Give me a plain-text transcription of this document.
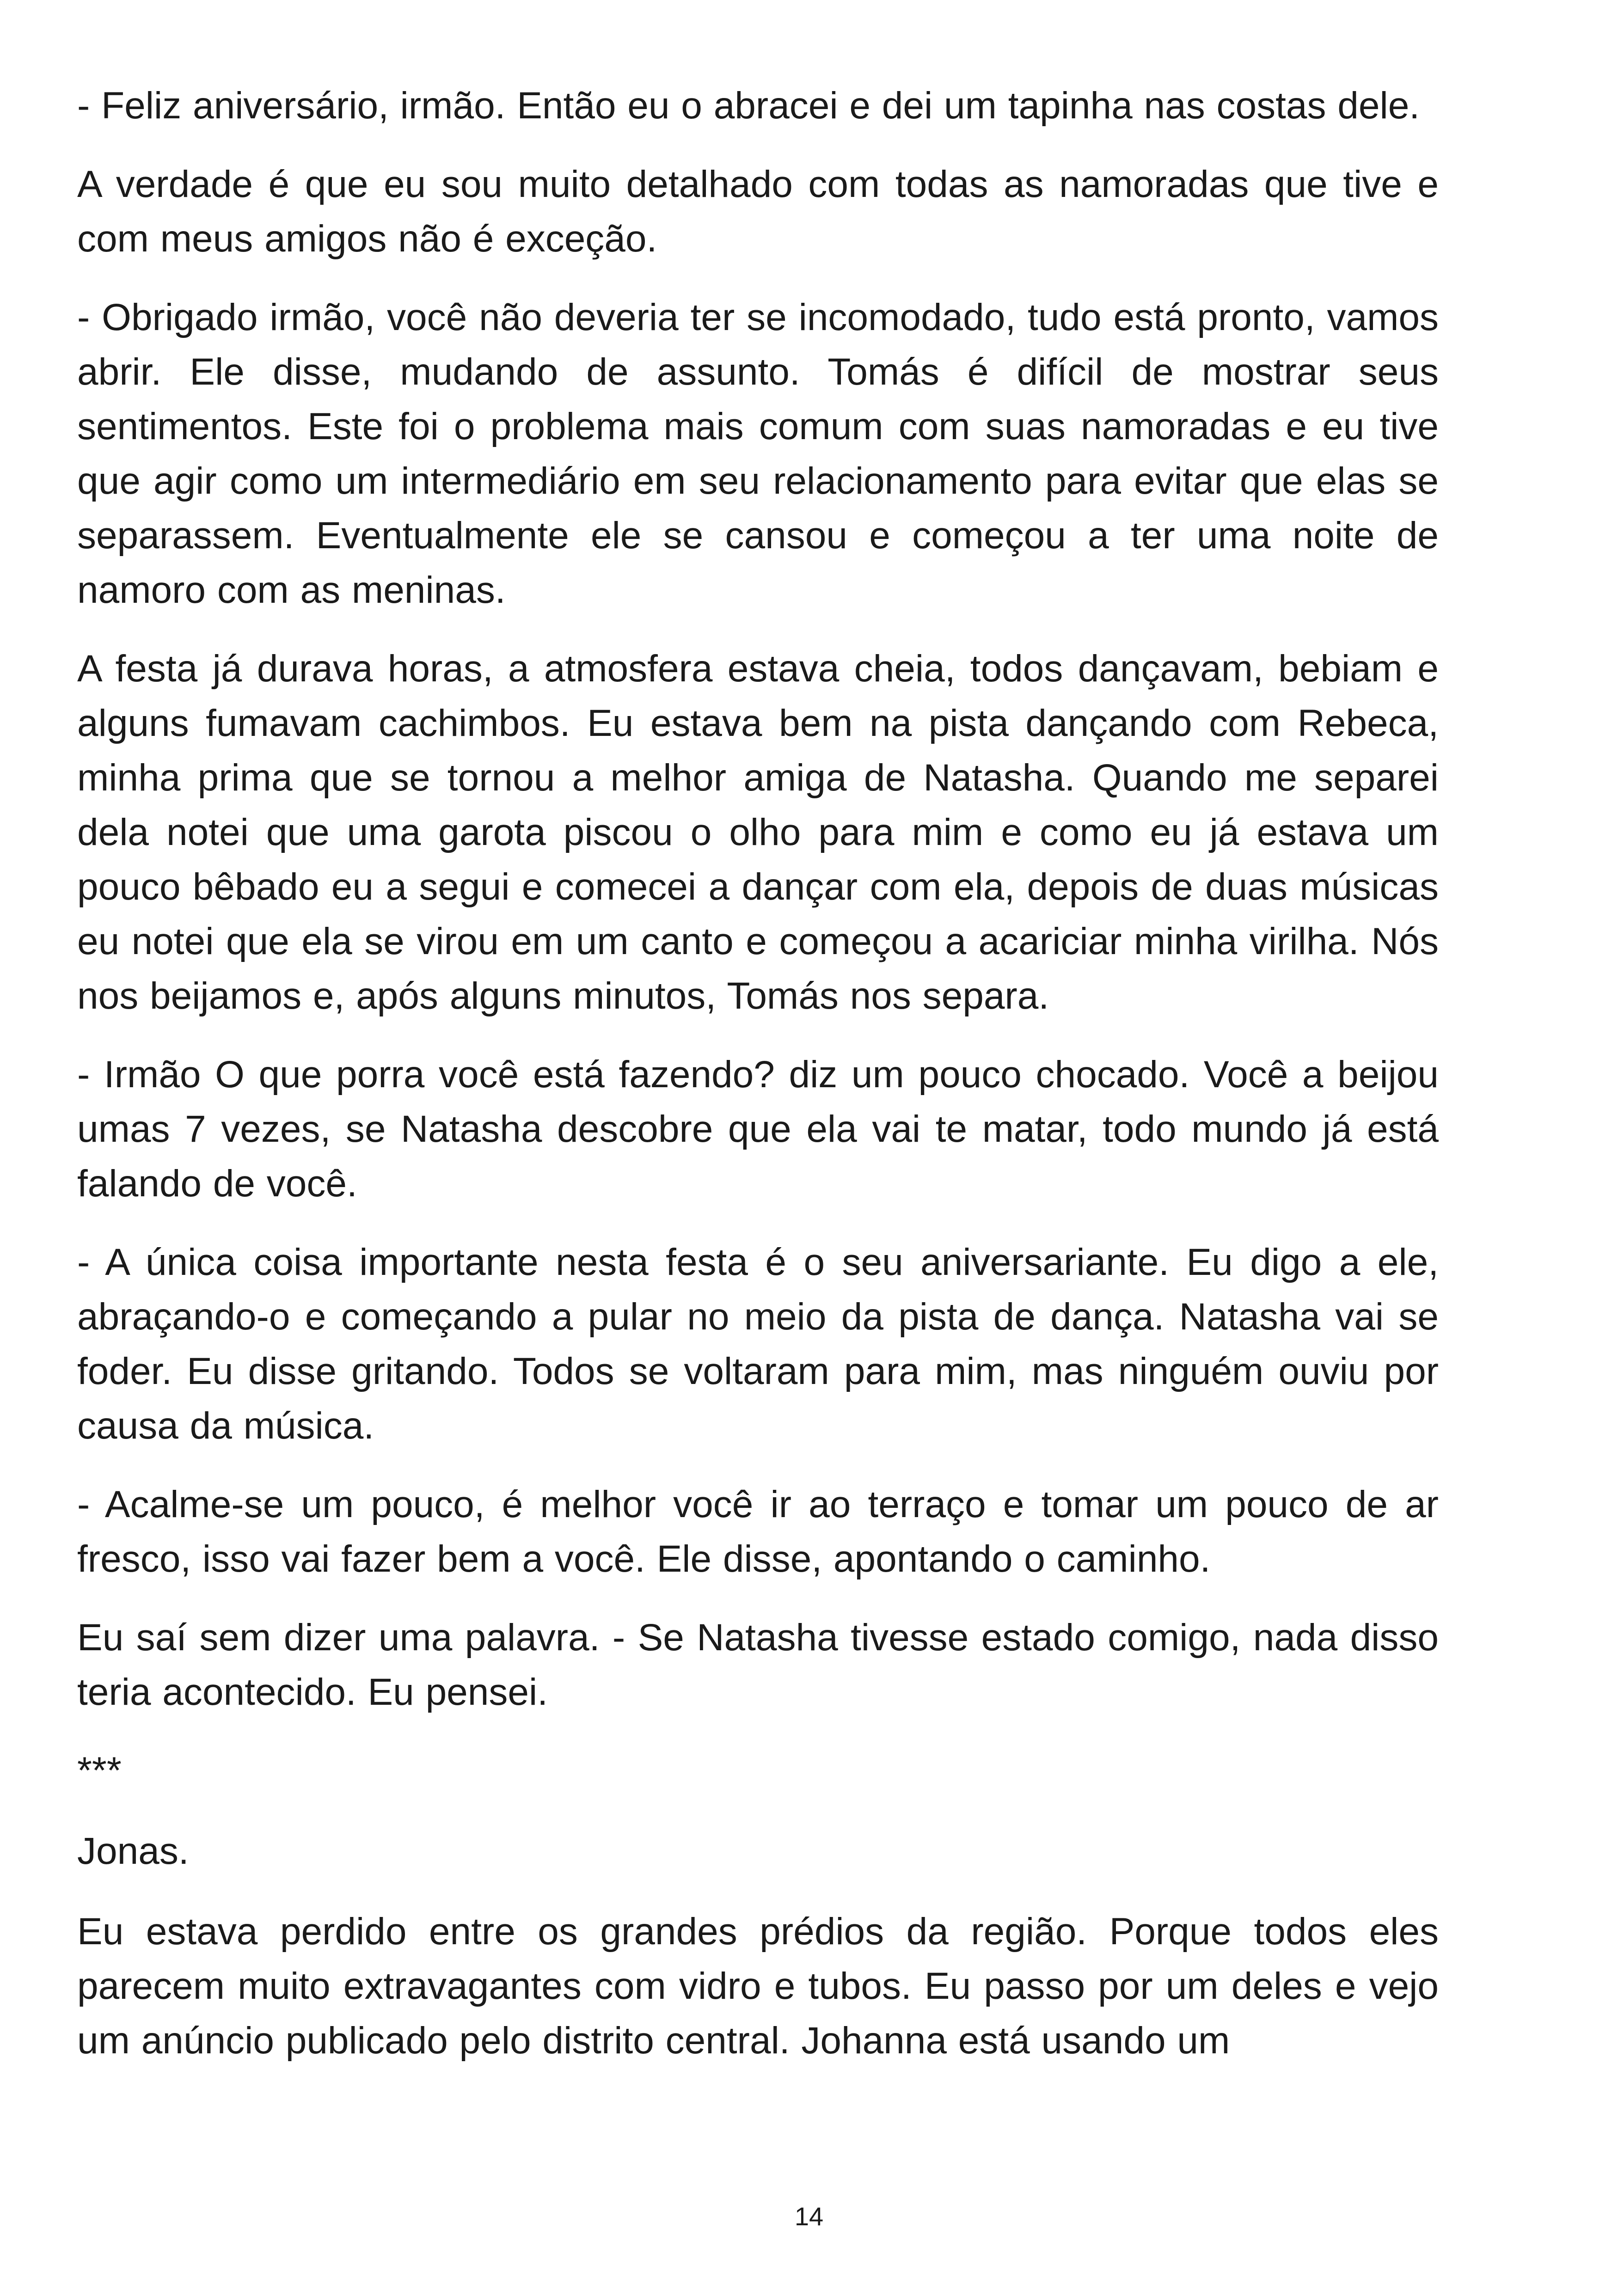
- Feliz aniversário, irmão. Então eu o abracei e dei um tapinha nas costas dele.

A verdade é que eu sou muito detalhado com todas as namoradas que tive e com meus amigos não é exceção.

- Obrigado irmão, você não deveria ter se incomodado, tudo está pronto, vamos abrir. Ele disse, mudando de assunto. Tomás é difícil de mostrar seus sentimentos. Este foi o problema mais comum com suas namoradas e eu tive que agir como um intermediário em seu relacionamento para evitar que elas se separassem. Eventualmente ele se cansou e começou a ter uma noite de namoro com as meninas.

A festa já durava horas, a atmosfera estava cheia, todos dançavam, bebiam e alguns fumavam cachimbos. Eu estava bem na pista dançando com Rebeca, minha prima que se tornou a melhor amiga de Natasha. Quando me separei dela notei que uma garota piscou o olho para mim e como eu já estava um pouco bêbado eu a segui e comecei a dançar com ela, depois de duas músicas eu notei que ela se virou em um canto e começou a acariciar minha virilha. Nós nos beijamos e, após alguns minutos, Tomás nos separa.

- Irmão O que porra você está fazendo? diz um pouco chocado. Você a beijou umas 7 vezes, se Natasha descobre que ela vai te matar, todo mundo já está falando de você.

- A única coisa importante nesta festa é o seu aniversariante. Eu digo a ele, abraçando-o e começando a pular no meio da pista de dança. Natasha vai se foder. Eu disse gritando. Todos se voltaram para mim, mas ninguém ouviu por causa da música.

- Acalme-se um pouco, é melhor você ir ao terraço e tomar um pouco de ar fresco, isso vai fazer bem a você. Ele disse, apontando o caminho.

Eu saí sem dizer uma palavra. - Se Natasha tivesse estado comigo, nada disso teria acontecido. Eu pensei.

***

Jonas.

Eu estava perdido entre os grandes prédios da região. Porque todos eles parecem muito extravagantes com vidro e tubos. Eu passo por um deles e vejo um anúncio publicado pelo distrito central. Johanna está usando um

14
